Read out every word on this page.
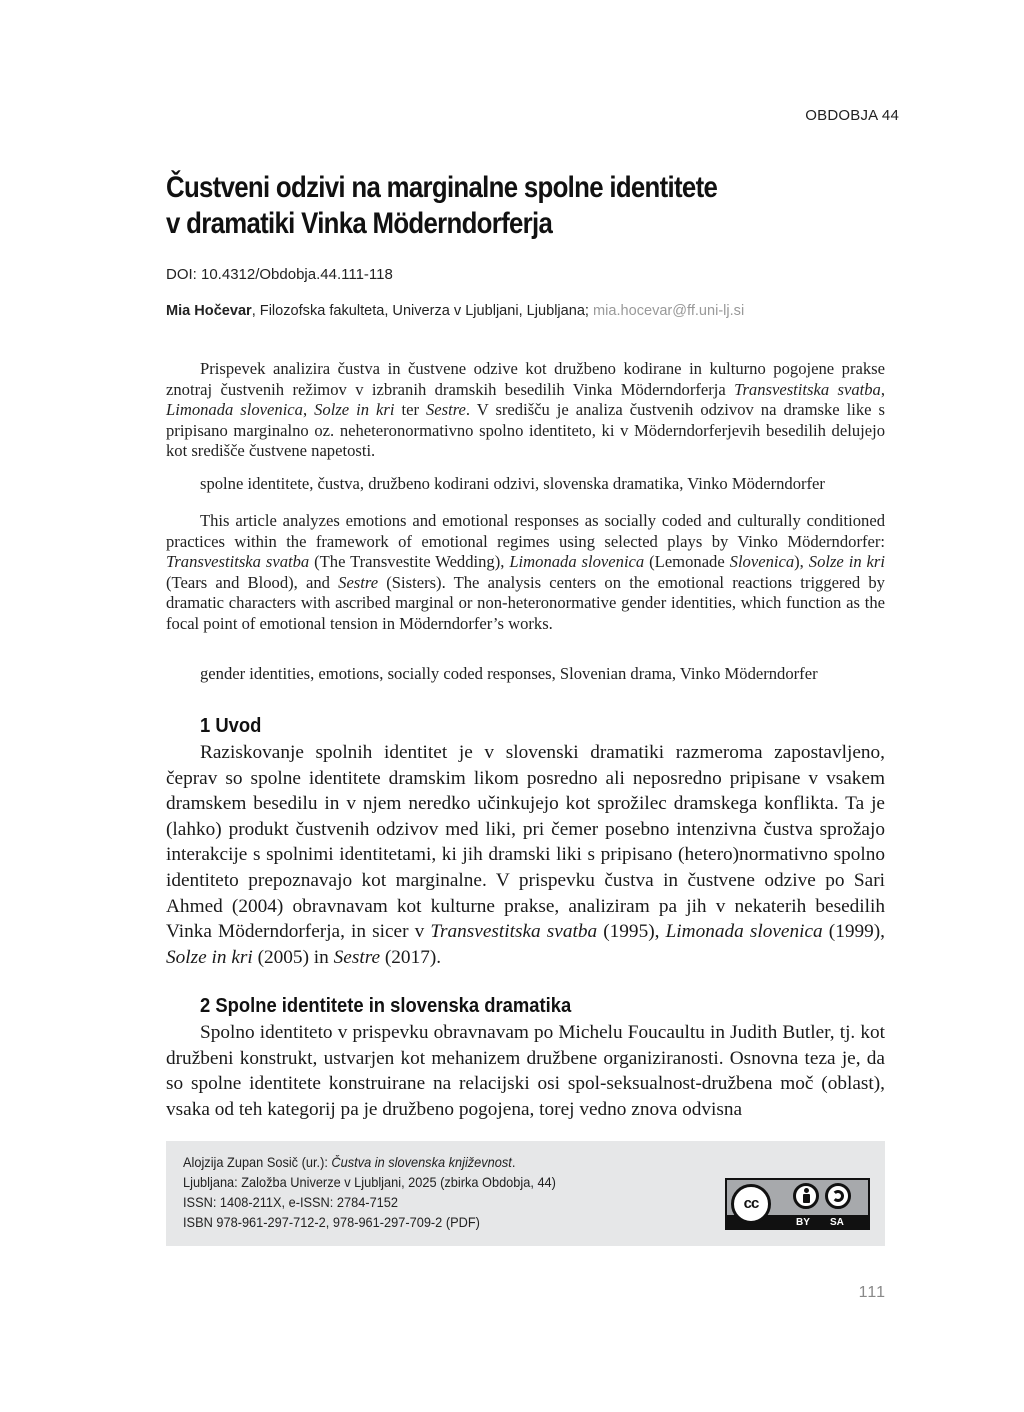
OBDOBJA 44
Čustveni odzivi na marginalne spolne identitete
v dramatiki Vinka Möderndorferja
DOI: 10.4312/Obdobja.44.111-118
Mia Hočevar, Filozofska fakulteta, Univerza v Ljubljani, Ljubljana; mia.hocevar@ff.uni-lj.si

Prispevek analizira čustva in čustvene odzive kot družbeno kodirane in kulturno pogojene prakse znotraj čustvenih režimov v izbranih dramskih besedilih Vinka Möderndorferja Transvestitska svatba, Limonada slovenica, Solze in kri ter Sestre. V središču je analiza čustvenih odzivov na dramske like s pripisano marginalno oz. neheteronormativno spolno identiteto, ki v Möderndorferjevih besedilih delujejo kot središče čustvene napetosti.

spolne identitete, čustva, družbeno kodirani odzivi, slovenska dramatika, Vinko Möderndorfer

This article analyzes emotions and emotional responses as socially coded and culturally conditioned practices within the framework of emotional regimes using selected plays by Vinko Möderndorfer: Transvestitska svatba (The Transvestite Wedding), Limonada slovenica (Lemonade Slovenica), Solze in kri (Tears and Blood), and Sestre (Sisters). The analysis centers on the emotional reactions triggered by dramatic characters with ascribed marginal or non-heteronormative gender identities, which function as the focal point of emotional tension in Möderndorfer’s works.

gender identities, emotions, socially coded responses, Slovenian drama, Vinko Möderndorfer

1 Uvod

Raziskovanje spolnih identitet je v slovenski dramatiki razmeroma zapostavljeno, čeprav so spolne identitete dramskim likom posredno ali neposredno pripisane v vsakem dramskem besedilu in v njem neredko učinkujejo kot sprožilec dramskega konflikta. Ta je (lahko) produkt čustvenih odzivov med liki, pri čemer posebno intenzivna čustva sprožajo interakcije s spolnimi identitetami, ki jih dramski liki s pripisano (hetero)normativno spolno identiteto prepoznavajo kot marginalne. V prispevku čustva in čustvene odzive po Sari Ahmed (2004) obravnavam kot kulturne prakse, analiziram pa jih v nekaterih besedilih Vinka Möderndorferja, in sicer v Transvestitska svatba (1995), Limonada slovenica (1999), Solze in kri (2005) in Sestre (2017).

2 Spolne identitete in slovenska dramatika

Spolno identiteto v prispevku obravnavam po Michelu Foucaultu in Judith Butler, tj. kot družbeni konstrukt, ustvarjen kot mehanizem družbene organiziranosti. Osnovna teza je, da so spolne identitete konstruirane na relacijski osi spol-seksualnost-družbena moč (oblast), vsaka od teh kategorij pa je družbeno pogojena, torej vedno znova odvisna

Alojzija Zupan Sosič (ur.): Čustva in slovenska književnost.
Ljubljana: Založba Univerze v Ljubljani, 2025 (zbirka Obdobja, 44)
ISSN: 1408-211X, e-ISSN: 2784-7152
ISBN 978-961-297-712-2, 978-961-297-709-2 (PDF)
cc
BY SA
111
